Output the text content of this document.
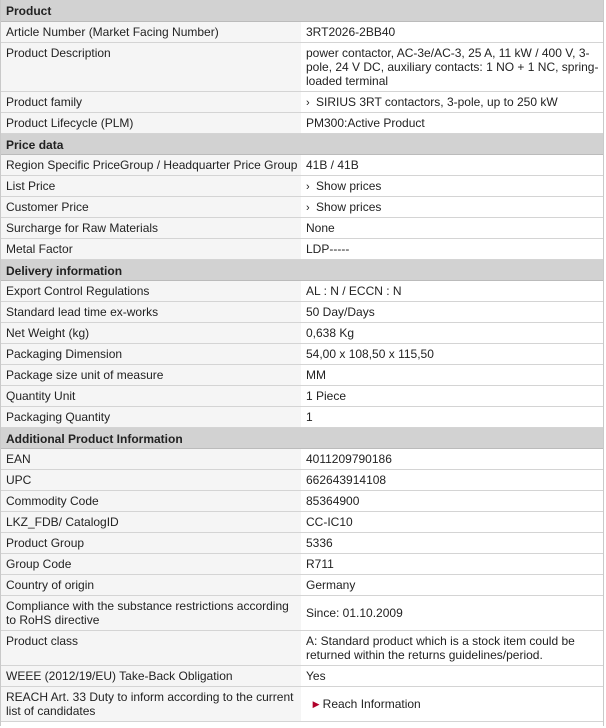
Product	
Article Number (Market Facing Number)	3RT2026-2BB40
Product Description	power contactor, AC-3e/AC-3, 25 A, 11 kW / 400 V, 3-pole, 24 V DC, auxiliary contacts: 1 NO + 1 NC, spring-loaded terminal
Product family	› SIRIUS 3RT contactors, 3-pole, up to 250 kW
Product Lifecycle (PLM)	PM300:Active Product
Price data	
Region Specific PriceGroup / Headquarter Price Group	41B / 41B
List Price	› Show prices
Customer Price	› Show prices
Surcharge for Raw Materials	None
Metal Factor	LDP-----
Delivery information	
Export Control Regulations	AL : N / ECCN : N
Standard lead time ex-works	50 Day/Days
Net Weight (kg)	0,638 Kg
Packaging Dimension	54,00 x 108,50 x 115,50
Package size unit of measure	MM
Quantity Unit	1 Piece
Packaging Quantity	1
Additional Product Information	
EAN	4011209790186
UPC	662643914108
Commodity Code	85364900
LKZ_FDB/ CatalogID	CC-IC10
Product Group	5336
Group Code	R711
Country of origin	Germany
Compliance with the substance restrictions according to RoHS directive	Since: 01.10.2009
Product class	A: Standard product which is a stock item could be returned within the returns guidelines/period.
WEEE (2012/19/EU) Take-Back Obligation	Yes
REACH Art. 33 Duty to inform according to the current list of candidates	▶ Reach Information
